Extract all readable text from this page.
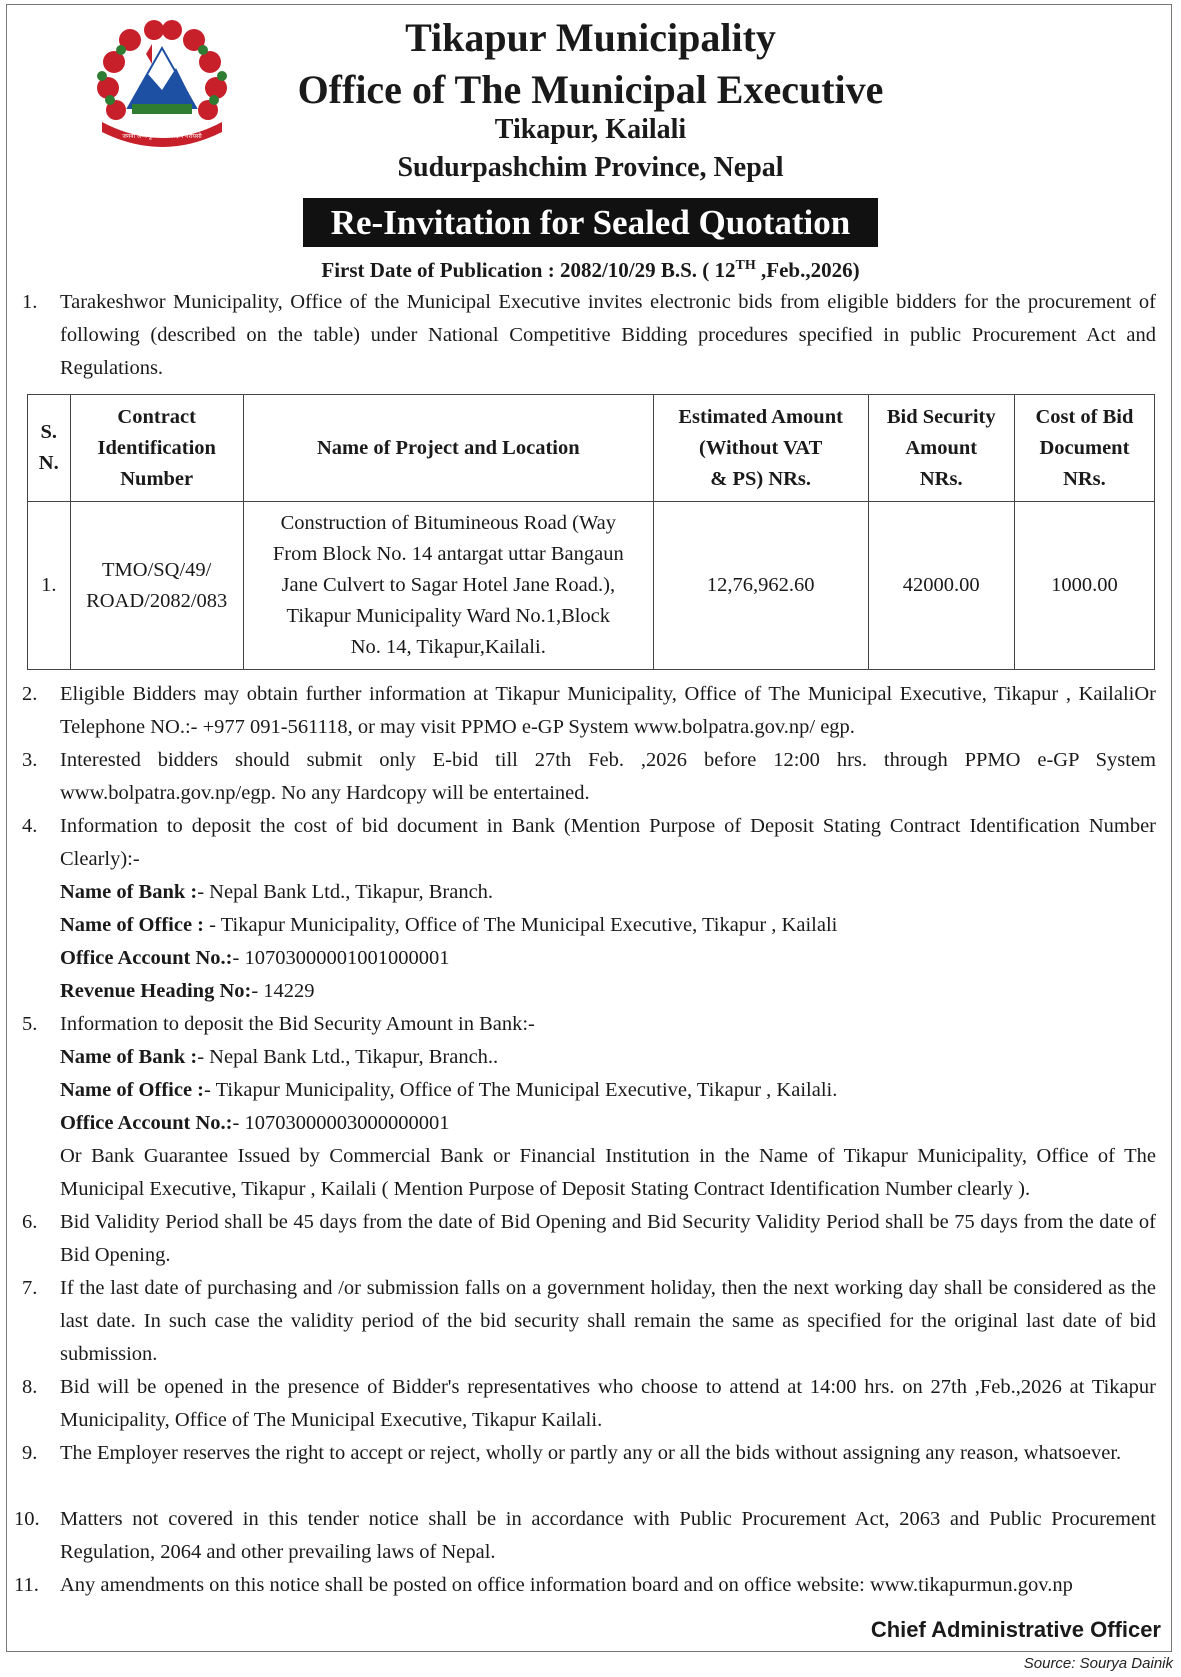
जननी जन्मभूमिश्च स्वर्गादपि गरीयसी
Tikapur Municipality
Office of The Municipal Executive
Tikapur, Kailali
Sudurpashchim Province, Nepal
Re-Invitation for Sealed Quotation
First Date of Publication : 2082/10/29 B.S. ( 12TH ,Feb.,2026)
1.	Tarakeshwor Municipality, Office of the Municipal Executive invites electronic bids from eligible bidders for the procurement of following (described on the table) under National Competitive Bidding procedures specified in public Procurement Act and Regulations.
S.
N.	Contract
Identification
Number	Name of Project and Location	Estimated Amount
(Without VAT
& PS) NRs.	Bid Security
Amount
NRs.	Cost of Bid
Document
NRs.
1.	TMO/SQ/49/
ROAD/2082/083	Construction of Bitumineous Road (Way
From Block No. 14 antargat uttar Bangaun
Jane Culvert to Sagar Hotel Jane Road.),
Tikapur Municipality Ward No.1,Block
No. 14, Tikapur,Kailali.	12,76,962.60	42000.00	1000.00
2.	Eligible Bidders may obtain further information at Tikapur Municipality, Office of The Municipal Executive, Tikapur , KailaliOr Telephone NO.:- +977 091-561118, or may visit PPMO e-GP System www.bolpatra.gov.np/ egp.
3.	Interested bidders should submit only E-bid till 27th Feb. ,2026 before 12:00 hrs. through PPMO e-GP System www.bolpatra.gov.np/egp. No any Hardcopy will be entertained.
4.	Information to deposit the cost of bid document in Bank (Mention Purpose of Deposit Stating Contract Identification Number Clearly):-
Name of Bank :- Nepal Bank Ltd., Tikapur, Branch.
Name of Office : - Tikapur Municipality, Office of The Municipal Executive, Tikapur , Kailali
Office Account No.:- 10703000001001000001
Revenue Heading No:- 14229
5.	Information to deposit the Bid Security Amount in Bank:-
Name of Bank :- Nepal Bank Ltd., Tikapur, Branch..
Name of Office :- Tikapur Municipality, Office of The Municipal Executive, Tikapur , Kailali.
Office Account No.:- 10703000003000000001
Or Bank Guarantee Issued by Commercial Bank or Financial Institution in the Name of Tikapur Municipality, Office of The Municipal Executive, Tikapur , Kailali ( Mention Purpose of Deposit Stating Contract Identification Number clearly ).
6.	Bid Validity Period shall be 45 days from the date of Bid Opening and Bid Security Validity Period shall be 75 days from the date of Bid Opening.
7.	If the last date of purchasing and /or submission falls on a government holiday, then the next working day shall be considered as the last date. In such case the validity period of the bid security shall remain the same as specified for the original last date of bid submission.
8.	Bid will be opened in the presence of Bidder's representatives who choose to attend at 14:00 hrs. on 27th ,Feb.,2026 at Tikapur Municipality, Office of The Municipal Executive, Tikapur Kailali.
9.	The Employer reserves the right to accept or reject, wholly or partly any or all the bids without assigning any reason, whatsoever.
10. Matters not covered in this tender notice shall be in accordance with Public Procurement Act, 2063 and Public Procurement Regulation, 2064 and other prevailing laws of Nepal.
11.	Any amendments on this notice shall be posted on office information board and on office website: www.tikapurmun.gov.np
Chief Administrative Officer
Source: Sourya Dainik
